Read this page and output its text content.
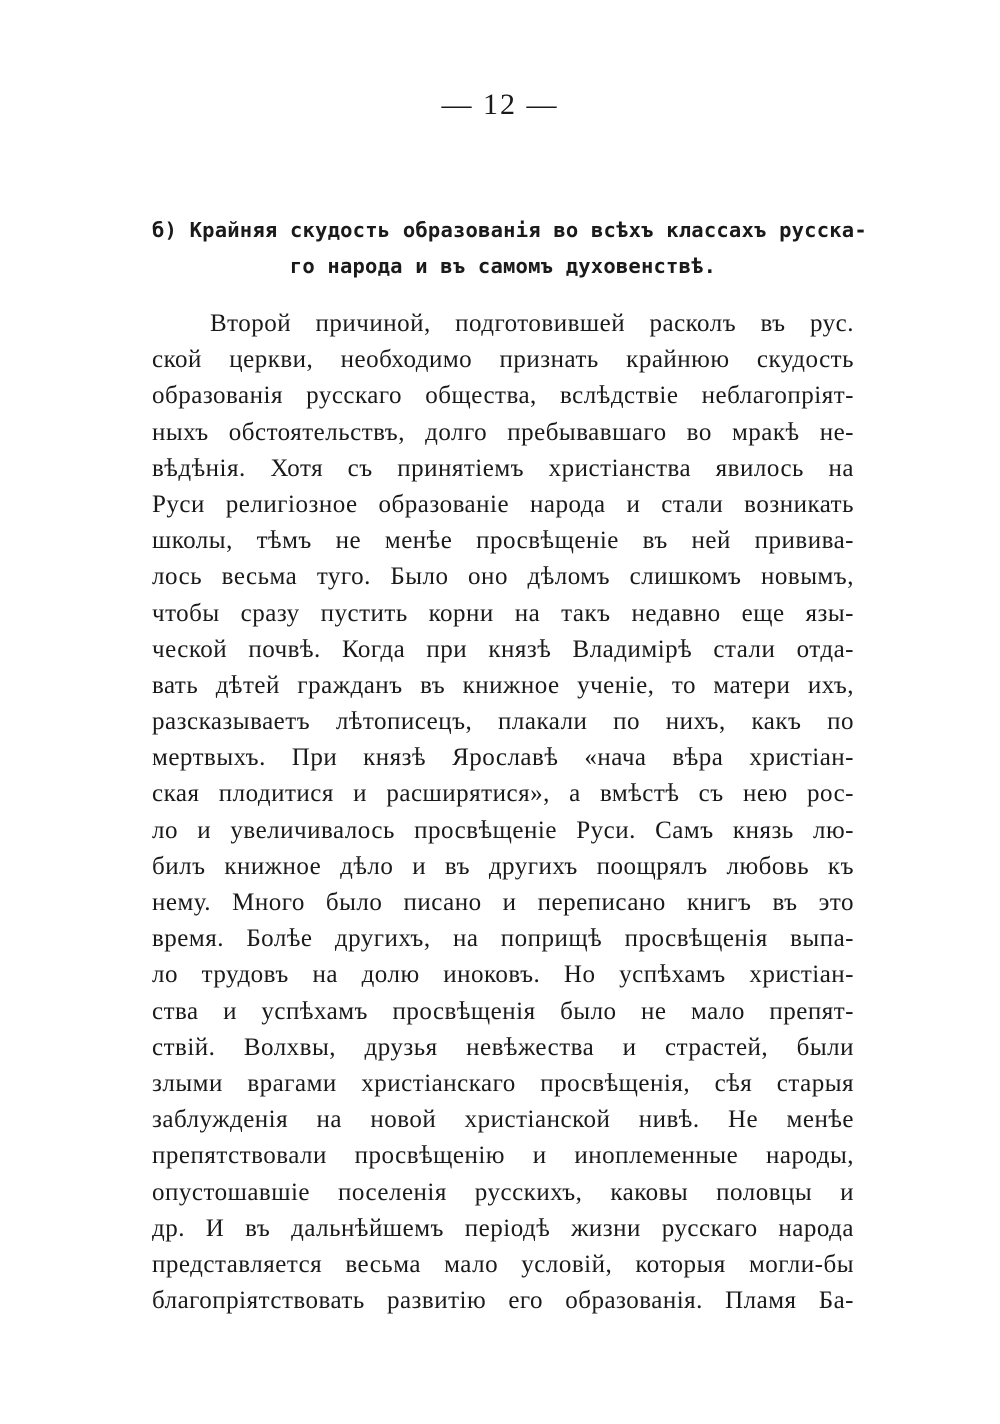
— 12 —
б) Крайняя скудость образованія во всѣхъ классахъ русска-
го народа и въ самомъ духовенствѣ.
Второй причиной, подготовившей расколъ въ рус.
ской церкви, необходимо признать крайнюю скудость
образованія русскаго общества, вслѣдствіе неблагопріят-
ныхъ обстоятельствъ, долго пребывавшаго во мракѣ не-
вѣдѣнія. Хотя съ принятіемъ христіанства явилось на
Руси религіозное образованіе народа и стали возникать
школы, тѣмъ не менѣе просвѣщеніе въ ней привива-
лось весьма туго. Было оно дѣломъ слишкомъ новымъ,
чтобы сразу пустить корни на такъ недавно еще язы-
ческой почвѣ. Когда при князѣ Владимірѣ стали отда-
вать дѣтей гражданъ въ книжное ученіе, то матери ихъ,
разсказываетъ лѣтописецъ, плакали по нихъ, какъ по
мертвыхъ. При князѣ Ярославѣ «нача вѣра христіан-
ская плодитися и расширятися», а вмѣстѣ съ нею рос-
ло и увеличивалось просвѣщеніе Руси. Самъ князь лю-
билъ книжное дѣло и въ другихъ поощрялъ любовь къ
нему. Много было писано и переписано книгъ въ это
время. Болѣе другихъ, на поприщѣ просвѣщенія выпа-
ло трудовъ на долю иноковъ. Но успѣхамъ христіан-
ства и успѣхамъ просвѣщенія было не мало препят-
ствій. Волхвы, друзья невѣжества и страстей, были
злыми врагами христіанскаго просвѣщенія, сѣя старыя
заблужденія на новой христіанской нивѣ. Не менѣе
препятствовали просвѣщенію и иноплеменные народы,
опустошавшіе поселенія русскихъ, каковы половцы и
др. И въ дальнѣйшемъ періодѣ жизни русскаго народа
представляется весьма мало условій, которыя могли-бы
благопріятствовать развитію его образованія. Пламя Ба-
